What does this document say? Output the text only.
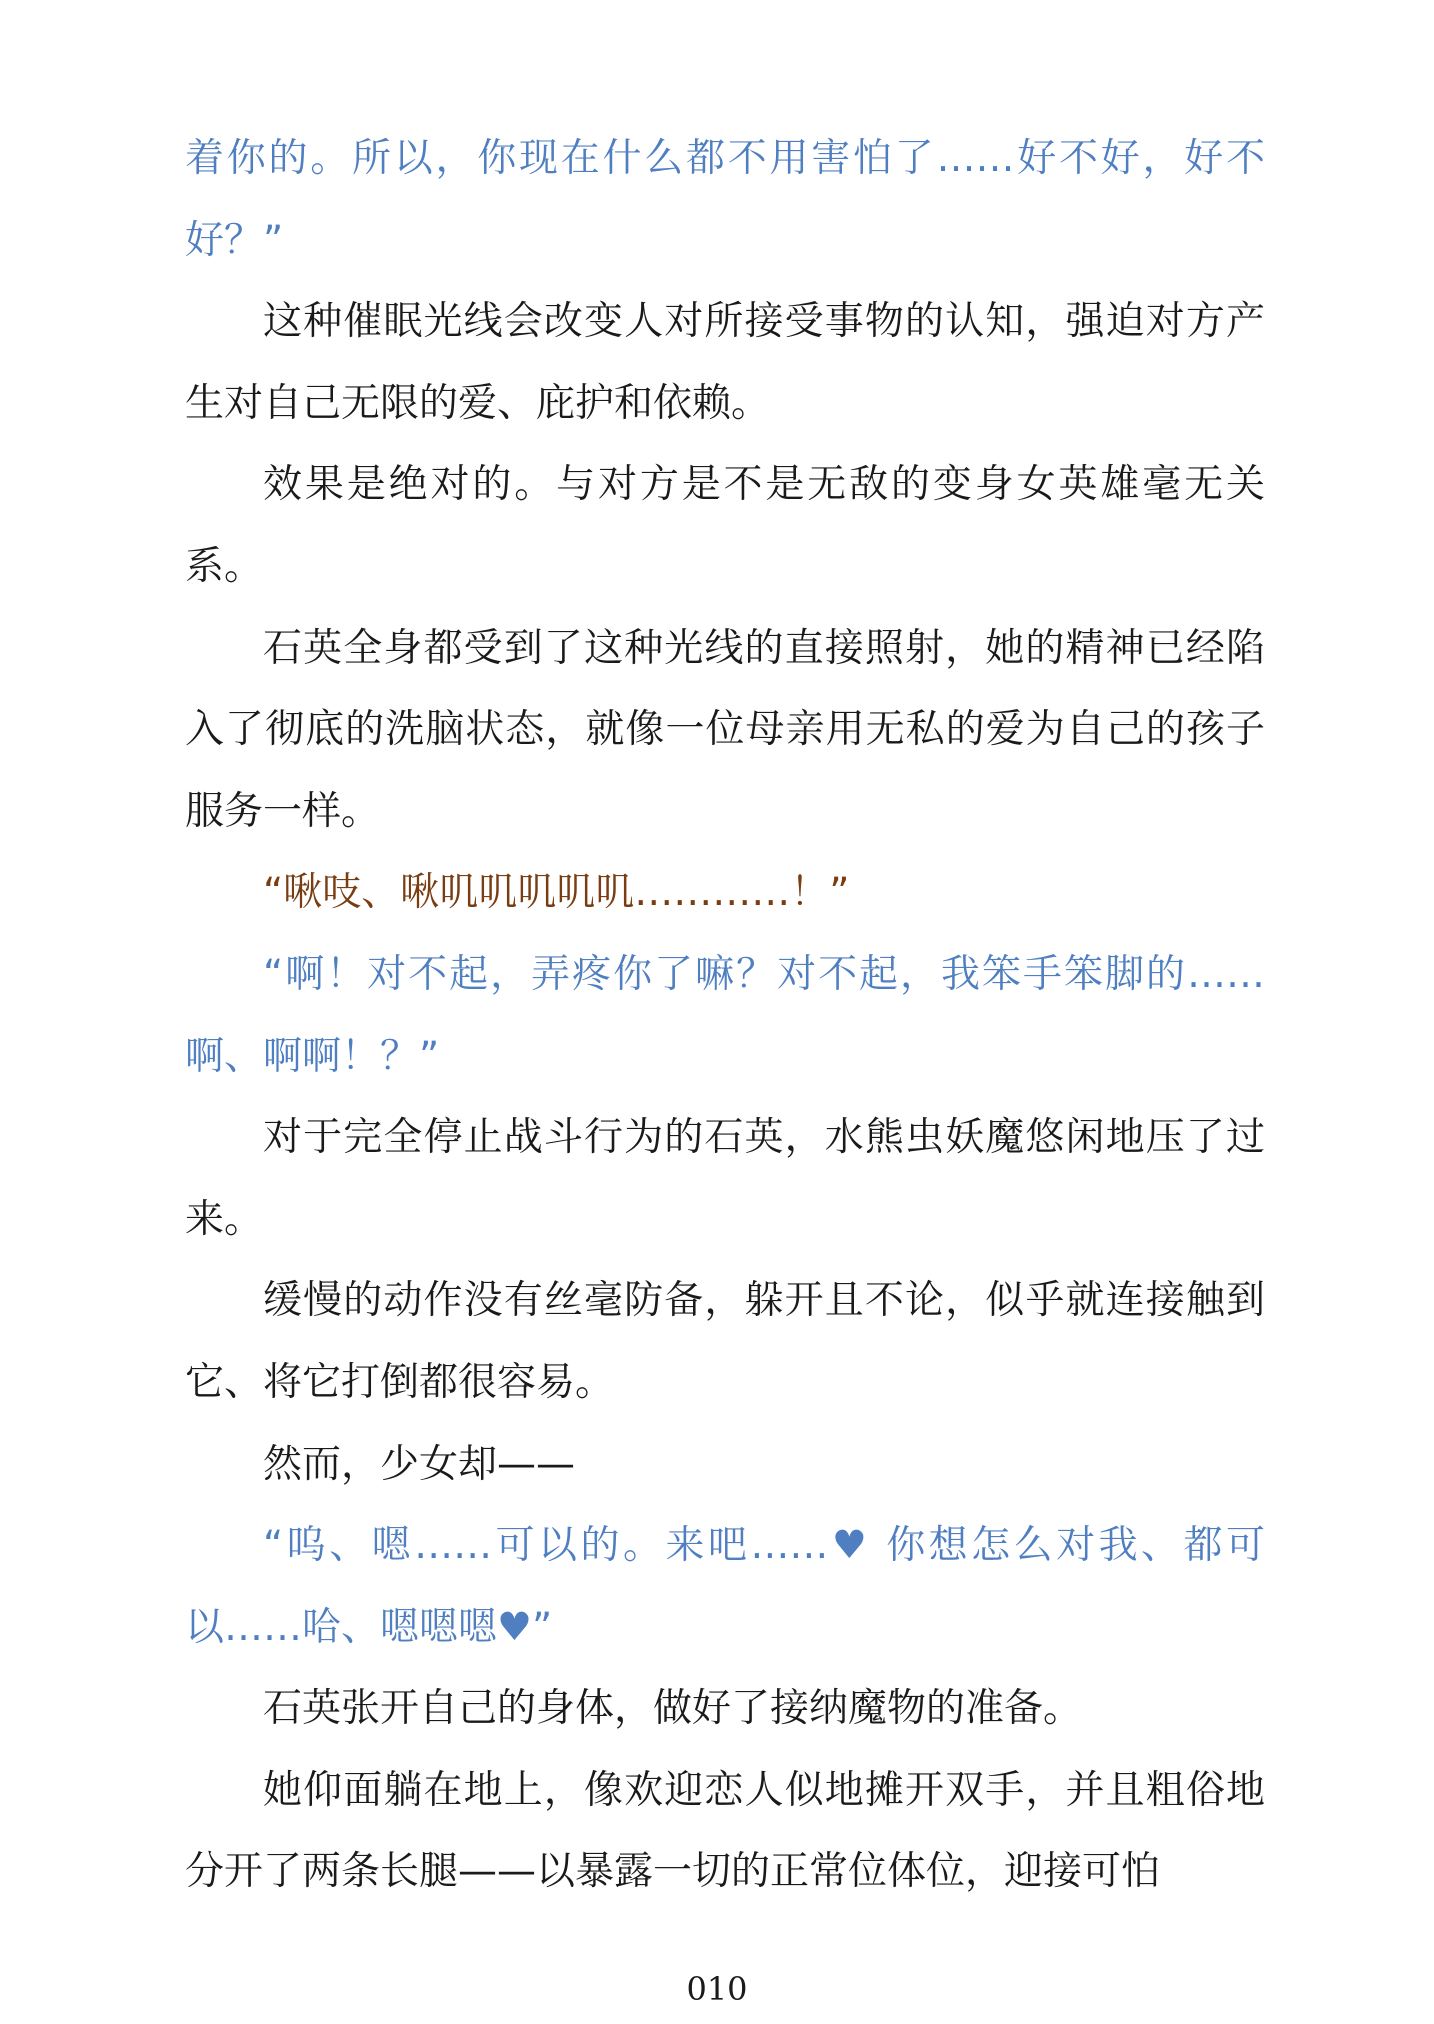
着你的。所以，你现在什么都不用害怕了……好不好，好不好？”

这种催眠光线会改变人对所接受事物的认知，强迫对方产生对自己无限的爱、庇护和依赖。

效果是绝对的。与对方是不是无敌的变身女英雄毫无关系。

石英全身都受到了这种光线的直接照射，她的精神已经陷入了彻底的洗脑状态，就像一位母亲用无私的爱为自己的孩子服务一样。

“啾吱、啾叽叽叽叽叽…………！”

“啊！对不起，弄疼你了嘛？对不起，我笨手笨脚的……啊、啊啊！？”

对于完全停止战斗行为的石英，水熊虫妖魔悠闲地压了过来。

缓慢的动作没有丝毫防备，躲开且不论，似乎就连接触到它、将它打倒都很容易。

然而，少女却——

“呜、嗯……可以的。来吧……♥ 你想怎么对我、都可以……哈、嗯嗯嗯♥”

石英张开自己的身体，做好了接纳魔物的准备。

她仰面躺在地上，像欢迎恋人似地摊开双手，并且粗俗地分开了两条长腿——以暴露一切的正常位体位，迎接可怕

010
